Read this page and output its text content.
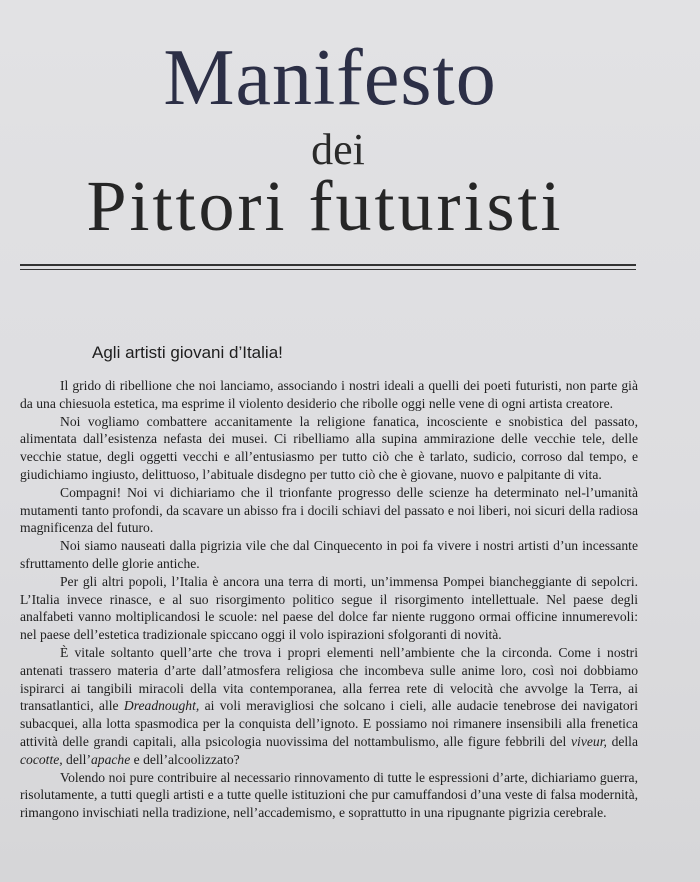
Manifesto
dei
Pittori futuristi
Agli artisti giovani d’Italia!

Il grido di ribellione che noi lanciamo, associando i nostri ideali a quelli dei poeti futuristi, non parte già da una chiesuola estetica, ma esprime il violento desiderio che ribolle oggi nelle vene di ogni artista creatore.

Noi vogliamo combattere accanitamente la religione fanatica, incosciente e snobistica del passato, alimentata dall’esistenza nefasta dei musei. Ci ribelliamo alla supina ammirazione delle vecchie tele, delle vecchie statue, degli oggetti vecchi e all’entusiasmo per tutto ciò che è tarlato, sudicio, corroso dal tempo, e giudichiamo ingiusto, delittuoso, l’abituale disdegno per tutto ciò che è giovane, nuovo e palpitante di vita.

Compagni! Noi vi dichiariamo che il trionfante progresso delle scienze ha determinato nel-l’umanità mutamenti tanto profondi, da scavare un abisso fra i docili schiavi del passato e noi liberi, noi sicuri della radiosa magnificenza del futuro.

Noi siamo nauseati dalla pigrizia vile che dal Cinquecento in poi fa vivere i nostri artisti d’un incessante sfruttamento delle glorie antiche.

Per gli altri popoli, l’Italia è ancora una terra di morti, un’immensa Pompei biancheggiante di sepolcri. L’Italia invece rinasce, e al suo risorgimento politico segue il risorgimento intellettuale. Nel paese degli analfabeti vanno moltiplicandosi le scuole: nel paese del dolce far niente ruggono ormai officine innumerevoli: nel paese dell’estetica tradizionale spiccano oggi il volo ispirazioni sfolgoranti di novità.

È vitale soltanto quell’arte che trova i propri elementi nell’ambiente che la circonda. Come i nostri antenati trassero materia d’arte dall’atmosfera religiosa che incombeva sulle anime loro, così noi dobbiamo ispirarci ai tangibili miracoli della vita contemporanea, alla ferrea rete di velocità che avvolge la Terra, ai transatlantici, alle Dreadnought, ai voli meravigliosi che solcano i cieli, alle audacie tenebrose dei navigatori subacquei, alla lotta spasmodica per la conquista dell’ignoto. E possiamo noi rimanere insensibili alla frenetica attività delle grandi capitali, alla psicologia nuovissima del nottambulismo, alle figure febbrili del viveur, della cocotte, dell’apache e dell’alcoolizzato?

Volendo noi pure contribuire al necessario rinnovamento di tutte le espressioni d’arte, dichiariamo guerra, risolutamente, a tutti quegli artisti e a tutte quelle istituzioni che pur camuffandosi d’una veste di falsa modernità, rimangono invischiati nella tradizione, nell’accademismo, e soprattutto in una ripugnante pigrizia cerebrale.
